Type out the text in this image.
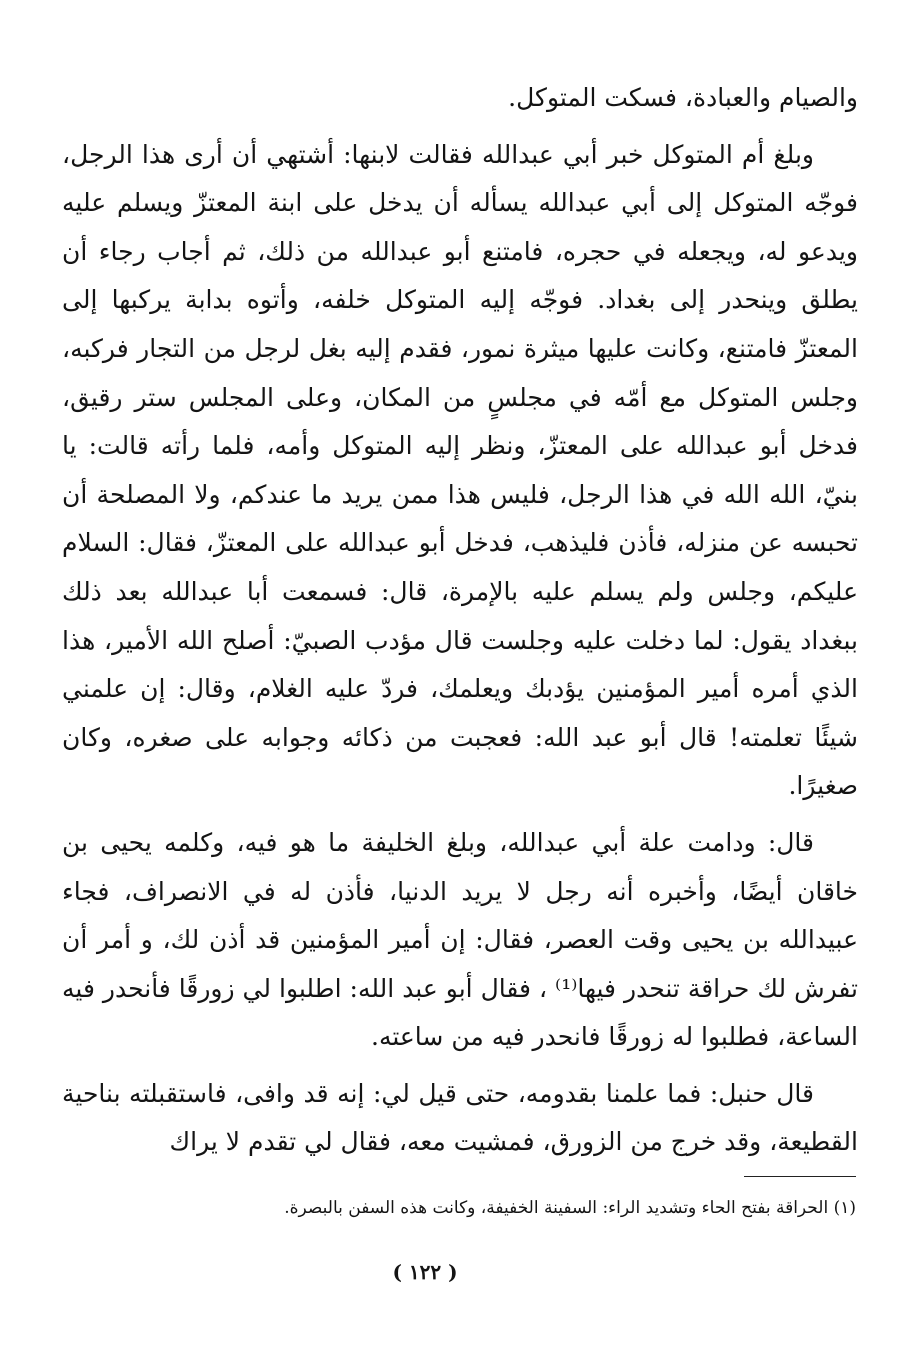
والصيام والعبادة، فسكت المتوكل.

وبلغ أم المتوكل خبر أبي عبدالله فقالت لابنها: أشتهي أن أرى هذا الرجل، فوجّه المتوكل إلى أبي عبدالله يسأله أن يدخل على ابنة المعتزّ ويسلم عليه ويدعو له، ويجعله في حجره، فامتنع أبو عبدالله من ذلك، ثم أجاب رجاء أن يطلق وينحدر إلى بغداد. فوجّه إليه المتوكل خلفه، وأتوه بدابة يركبها إلى المعتزّ فامتنع، وكانت عليها ميثرة نمور، فقدم إليه بغل لرجل من التجار فركبه، وجلس المتوكل مع أمّه في مجلسٍ من المكان، وعلى المجلس ستر رقيق، فدخل أبو عبدالله على المعتزّ، ونظر إليه المتوكل وأمه، فلما رأته قالت: يا بنيّ، الله الله في هذا الرجل، فليس هذا ممن يريد ما عندكم، ولا المصلحة أن تحبسه عن منزله، فأذن فليذهب، فدخل أبو عبدالله على المعتزّ، فقال: السلام عليكم، وجلس ولم يسلم عليه بالإمرة، قال: فسمعت أبا عبدالله بعد ذلك ببغداد يقول: لما دخلت عليه وجلست قال مؤدب الصبيّ: أصلح الله الأمير، هذا الذي أمره أمير المؤمنين يؤدبك ويعلمك، فردّ عليه الغلام، وقال: إن علمني شيئًا تعلمته! قال أبو عبد الله: فعجبت من ذكائه وجوابه على صغره، وكان صغيرًا.

قال: ودامت علة أبي عبدالله، وبلغ الخليفة ما هو فيه، وكلمه يحيى بن خاقان أيضًا، وأخبره أنه رجل لا يريد الدنيا، فأذن له في الانصراف، فجاء عبيدالله بن يحيى وقت العصر، فقال: إن أمير المؤمنين قد أذن لك، و أمر أن تفرش لك حراقة تنحدر فيها⁽¹⁾ ، فقال أبو عبد الله: اطلبوا لي زورقًا فأنحدر فيه الساعة، فطلبوا له زورقًا فانحدر فيه من ساعته.

قال حنبل: فما علمنا بقدومه، حتى قيل لي: إنه قد وافى، فاستقبلته بناحية القطيعة، وقد خرج من الزورق، فمشيت معه، فقال لي تقدم لا يراك

(١) الحراقة بفتح الحاء وتشديد الراء: السفينة الخفيفة، وكانت هذه السفن بالبصرة.
( ١٢٢ )
